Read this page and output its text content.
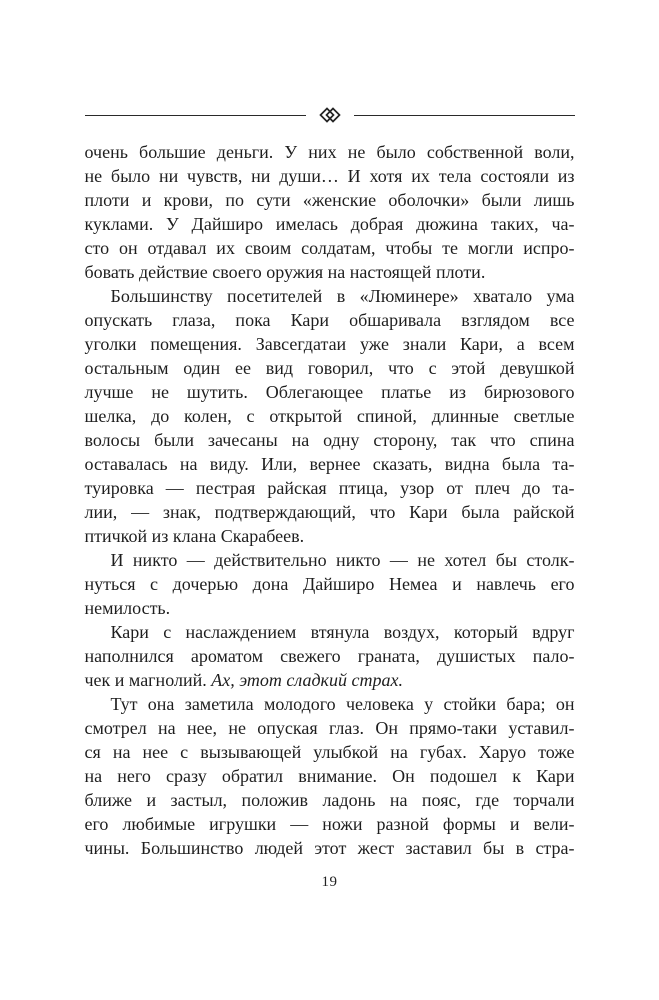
очень большие деньги. У них не было собственной воли,
не было ни чувств, ни души… И хотя их тела состояли из
плоти и крови, по сути «женские оболочки» были лишь
куклами. У Дайширо имелась добрая дюжина таких, ча-
сто он отдавал их своим солдатам, чтобы те могли испро-
бовать действие своего оружия на настоящей плоти.

Большинству посетителей в «Люминере» хватало ума
опускать глаза, пока Кари обшаривала взглядом все
уголки помещения. Завсегдатаи уже знали Кари, а всем
остальным один ее вид говорил, что с этой девушкой
лучше не шутить. Облегающее платье из бирюзового
шелка, до колен, с открытой спиной, длинные светлые
волосы были зачесаны на одну сторону, так что спина
оставалась на виду. Или, вернее сказать, видна была та-
туировка — пестрая райская птица, узор от плеч до та-
лии, — знак, подтверждающий, что Кари была райской
птичкой из клана Скарабеев.

И никто — действительно никто — не хотел бы столк-
нуться с дочерью дона Дайширо Немеа и навлечь его
немилость.

Кари с наслаждением втянула воздух, который вдруг
наполнился ароматом свежего граната, душистых пало-
чек и магнолий. Ах, этот сладкий страх.

Тут она заметила молодого человека у стойки бара; он
смотрел на нее, не опуская глаз. Он прямо-таки уставил-
ся на нее с вызывающей улыбкой на губах. Харуо тоже
на него сразу обратил внимание. Он подошел к Кари
ближе и застыл, положив ладонь на пояс, где торчали
его любимые игрушки — ножи разной формы и вели-
чины. Большинство людей этот жест заставил бы в стра-

19
